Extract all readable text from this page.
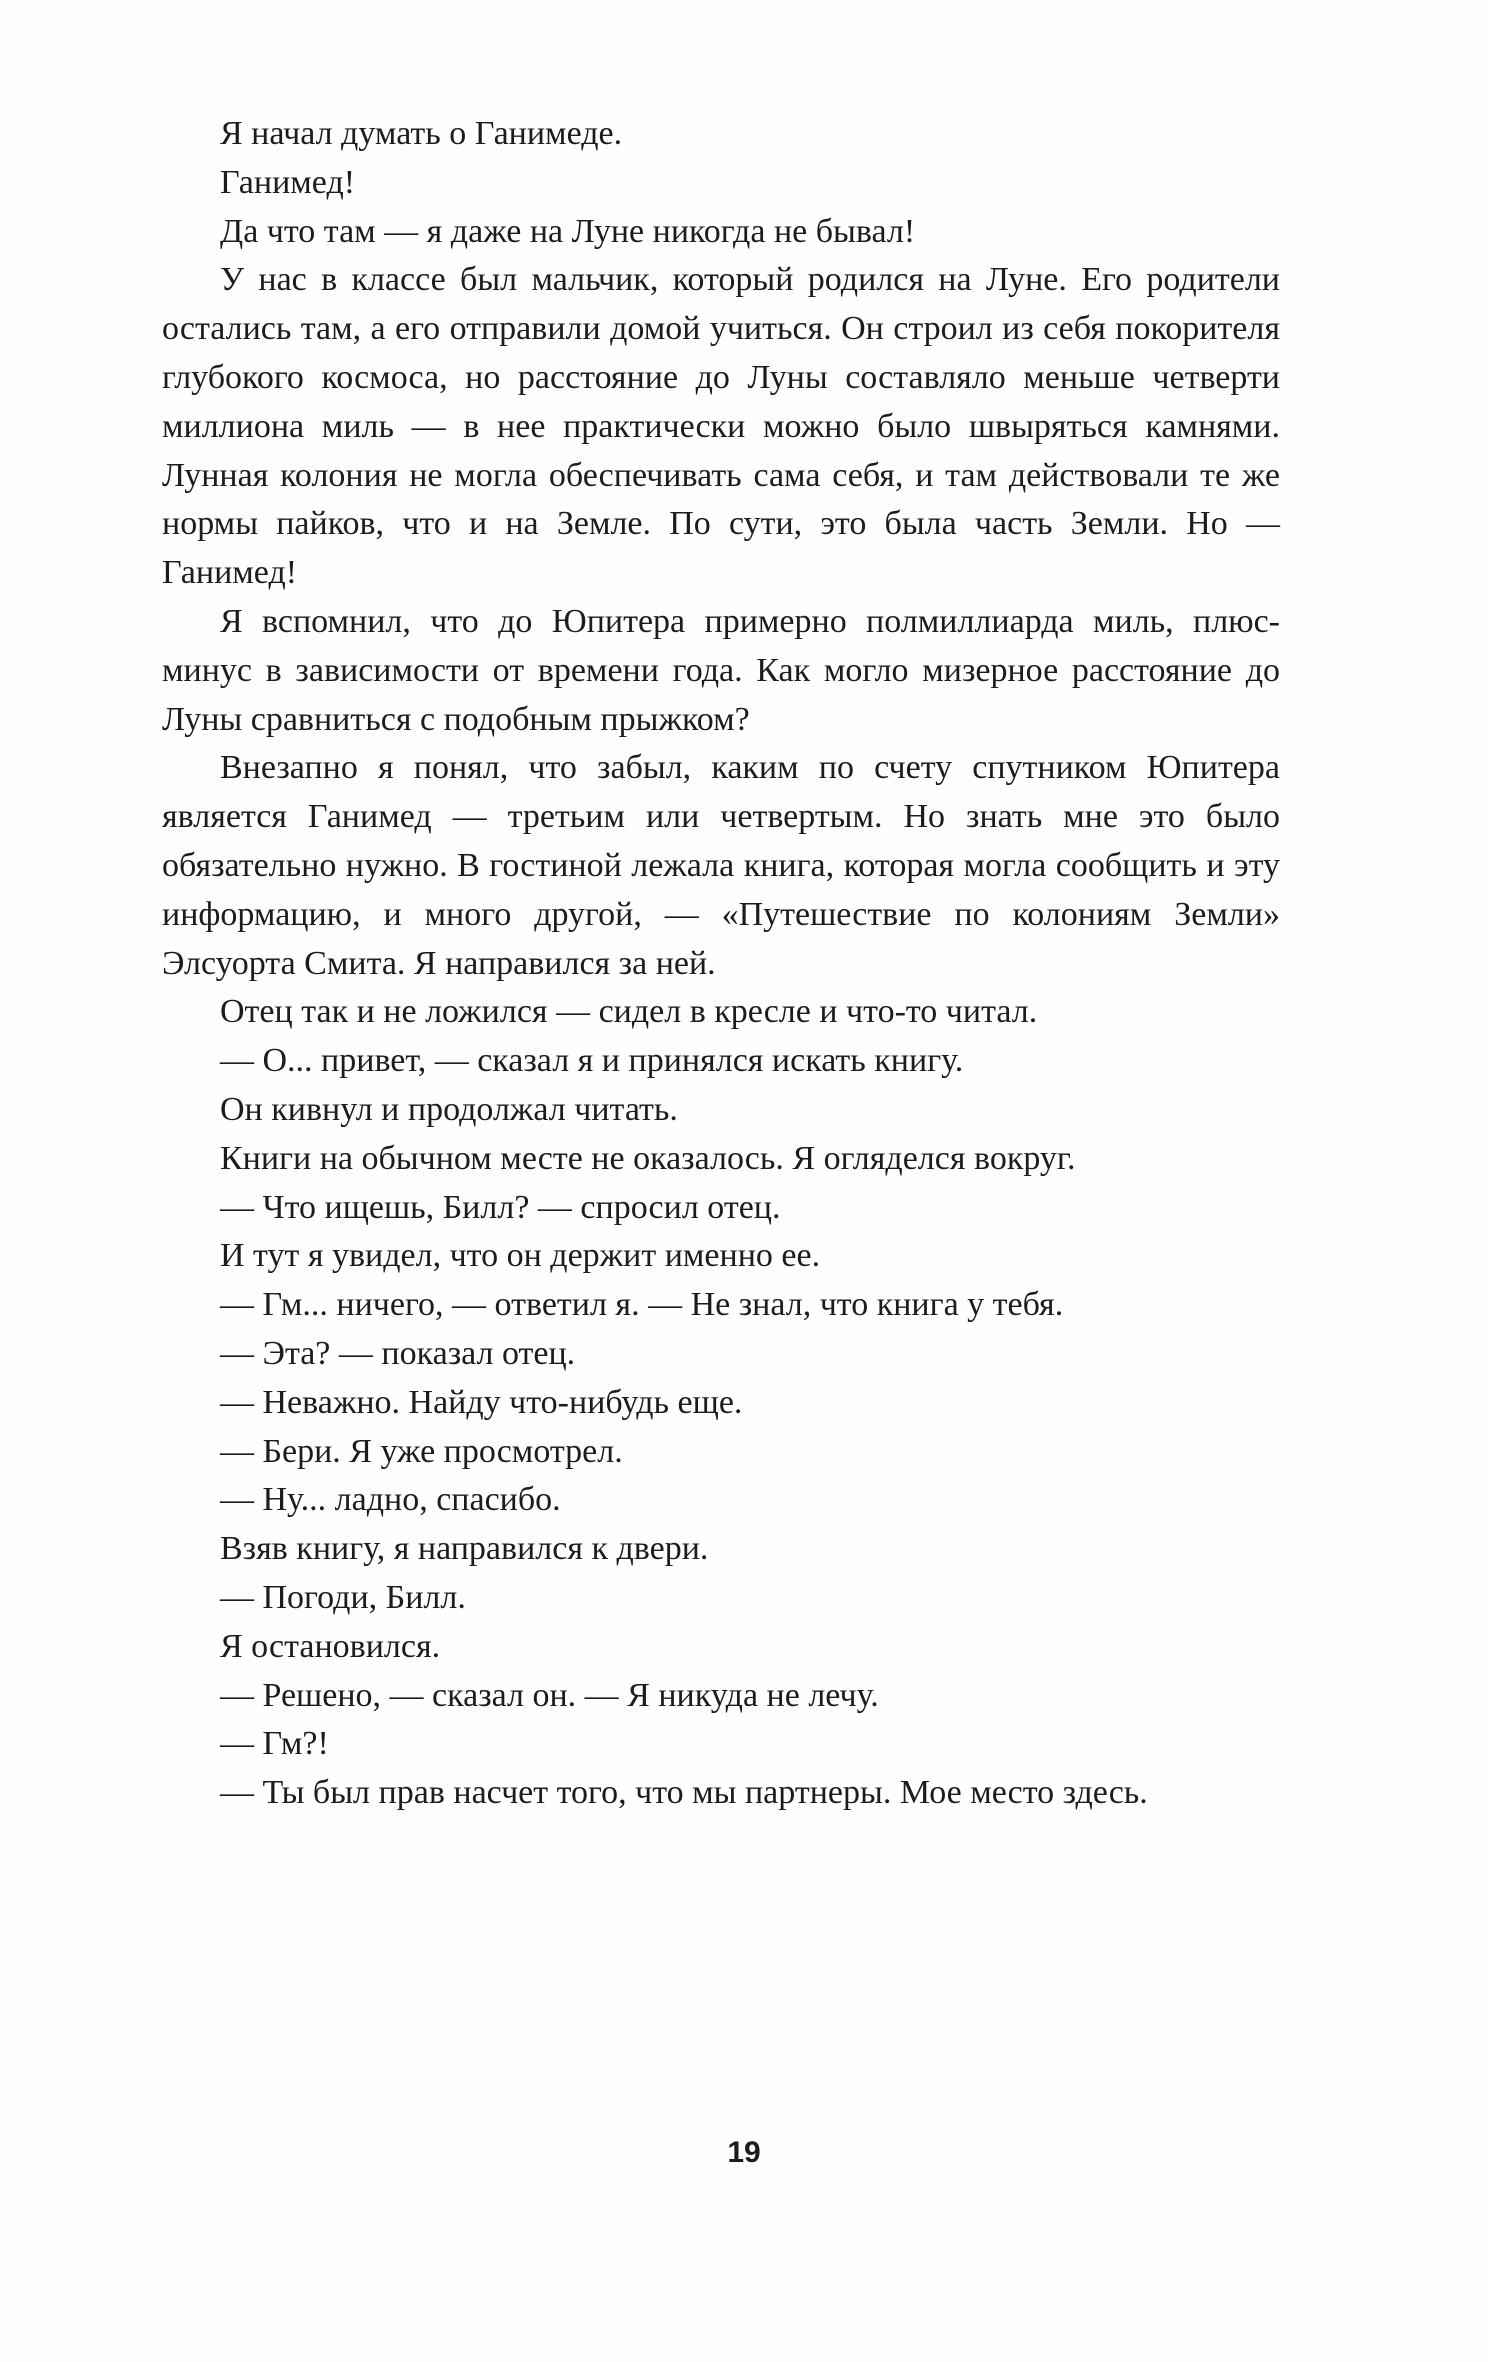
Я начал думать о Ганимеде.

Ганимед!

Да что там — я даже на Луне никогда не бывал!

У нас в классе был мальчик, который родился на Луне. Его родители остались там, а его отправили домой учиться. Он строил из себя покорителя глубокого космоса, но расстояние до Луны составляло меньше четверти миллиона миль — в нее практически можно было швыряться камнями. Лунная колония не могла обеспечивать сама себя, и там действовали те же нормы пайков, что и на Земле. По сути, это была часть Земли. Но — Ганимед!

Я вспомнил, что до Юпитера примерно полмиллиарда миль, плюс-минус в зависимости от времени года. Как могло мизерное расстояние до Луны сравниться с подобным прыжком?

Внезапно я понял, что забыл, каким по счету спутником Юпитера является Ганимед — третьим или четвертым. Но знать мне это было обязательно нужно. В гостиной лежала книга, которая могла сообщить и эту информацию, и много другой, — «Путешествие по колониям Земли» Элсуорта Смита. Я направился за ней.

Отец так и не ложился — сидел в кресле и что-то читал.

— О... привет, — сказал я и принялся искать книгу.

Он кивнул и продолжал читать.

Книги на обычном месте не оказалось. Я огляделся вокруг.

— Что ищешь, Билл? — спросил отец.

И тут я увидел, что он держит именно ее.

— Гм... ничего, — ответил я. — Не знал, что книга у тебя.

— Эта? — показал отец.

— Неважно. Найду что-нибудь еще.

— Бери. Я уже просмотрел.

— Ну... ладно, спасибо.

Взяв книгу, я направился к двери.

— Погоди, Билл.

Я остановился.

— Решено, — сказал он. — Я никуда не лечу.

— Гм?!

— Ты был прав насчет того, что мы партнеры. Мое место здесь.

19
